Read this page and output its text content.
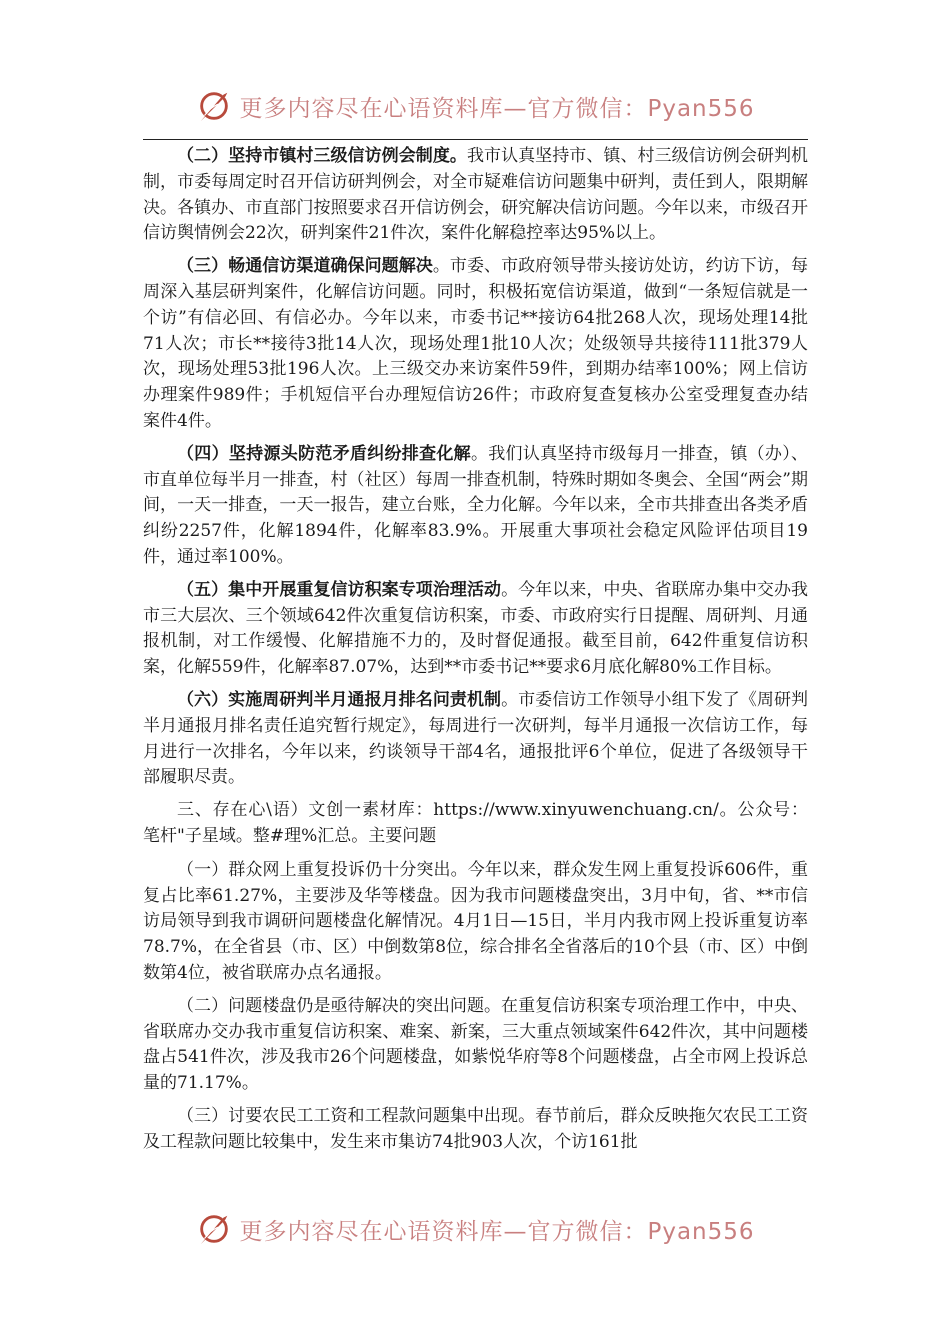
更多内容尽在心语资料库—官方微信：Pyan556

（二）坚持市镇村三级信访例会制度。我市认真坚持市、镇、村三级信访例会研判机制，市委每周定时召开信访研判例会，对全市疑难信访问题集中研判，责任到人，限期解决。各镇办、市直部门按照要求召开信访例会，研究解决信访问题。今年以来，市级召开信访舆情例会22次，研判案件21件次，案件化解稳控率达95%以上。

（三）畅通信访渠道确保问题解决。市委、市政府领导带头接访处访，约访下访，每周深入基层研判案件，化解信访问题。同时，积极拓宽信访渠道，做到“一条短信就是一个访”有信必回、有信必办。今年以来，市委书记**接访64批268人次，现场处理14批71人次；市长**接待3批14人次，现场处理1批10人次；处级领导共接待111批379人次，现场处理53批196人次。上三级交办来访案件59件，到期办结率100%；网上信访办理案件989件；手机短信平台办理短信访26件；市政府复查复核办公室受理复查办结案件4件。

（四）坚持源头防范矛盾纠纷排查化解。我们认真坚持市级每月一排查，镇（办）、市直单位每半月一排查，村（社区）每周一排查机制，特殊时期如冬奥会、全国“两会”期间，一天一排查，一天一报告，建立台账，全力化解。今年以来，全市共排查出各类矛盾纠纷2257件，化解1894件，化解率83.9%。开展重大事项社会稳定风险评估项目19件，通过率100%。

（五）集中开展重复信访积案专项治理活动。今年以来，中央、省联席办集中交办我市三大层次、三个领域642件次重复信访积案，市委、市政府实行日提醒、周研判、月通报机制，对工作缓慢、化解措施不力的，及时督促通报。截至目前，642件重复信访积案，化解559件，化解率87.07%，达到**市委书记**要求6月底化解80%工作目标。

（六）实施周研判半月通报月排名问责机制。市委信访工作领导小组下发了《周研判半月通报月排名责任追究暂行规定》，每周进行一次研判，每半月通报一次信访工作，每月进行一次排名，今年以来，约谈领导干部4名，通报批评6个单位，促进了各级领导干部履职尽责。

三、存在心\语）文创一素材库：https://www.xinyuwenchuang.cn/。公众号：笔杆"子星域。整#理%汇总。主要问题

（一）群众网上重复投诉仍十分突出。今年以来，群众发生网上重复投诉606件，重复占比率61.27%，主要涉及华等楼盘。因为我市问题楼盘突出，3月中旬，省、**市信访局领导到我市调研问题楼盘化解情况。4月1日—15日，半月内我市网上投诉重复访率78.7%，在全省县（市、区）中倒数第8位，综合排名全省落后的10个县（市、区）中倒数第4位，被省联席办点名通报。

（二）问题楼盘仍是亟待解决的突出问题。在重复信访积案专项治理工作中，中央、省联席办交办我市重复信访积案、难案、新案，三大重点领域案件642件次，其中问题楼盘占541件次，涉及我市26个问题楼盘，如紫悦华府等8个问题楼盘，占全市网上投诉总量的71.17%。

（三）讨要农民工工资和工程款问题集中出现。春节前后，群众反映拖欠农民工工资及工程款问题比较集中，发生来市集访74批903人次，个访161批

更多内容尽在心语资料库—官方微信：Pyan556
